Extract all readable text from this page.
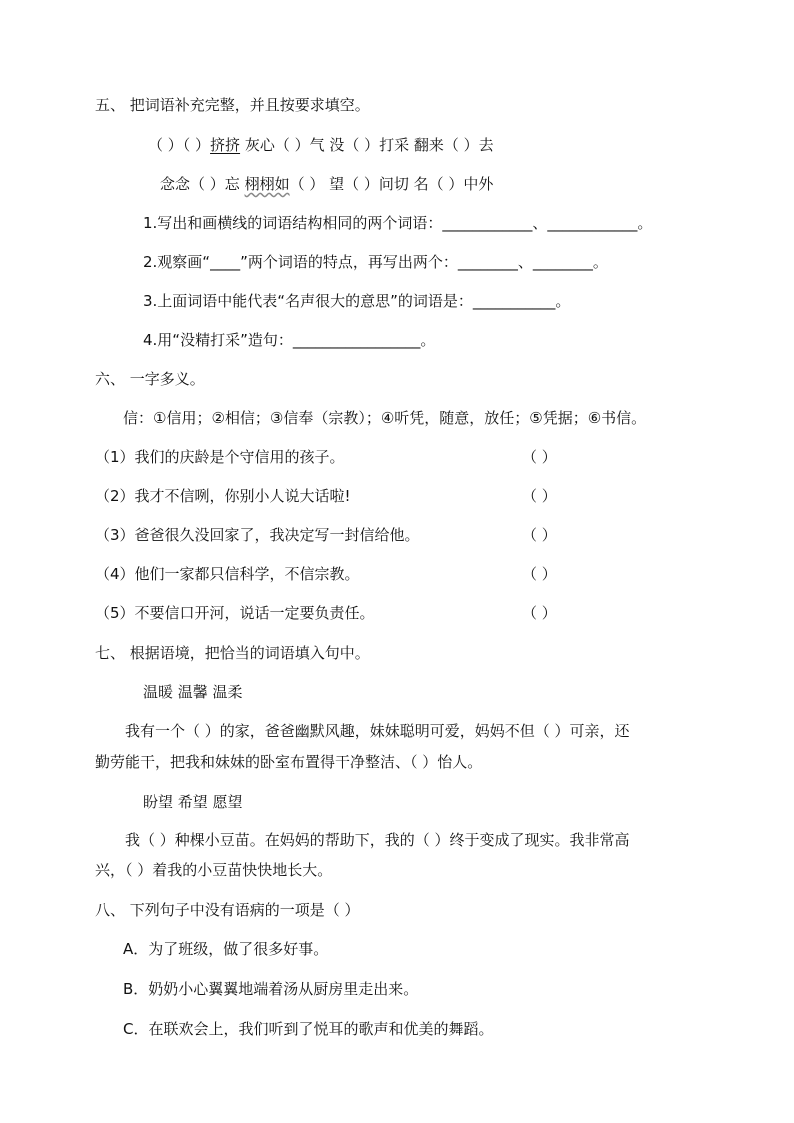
五、 把词语补充完整，并且按要求填空。
（ ）（ ）挤挤 灰心（ ）气 没（ ）打采 翻来（ ）去
念念（ ）忘 栩栩如（ ） 望（ ）问切 名（ ）中外
1.写出和画横线的词语结构相同的两个词语：____________、____________。
2.观察画“____”两个词语的特点，再写出两个：________、________。
3.上面词语中能代表“名声很大的意思”的词语是：___________。
4.用“没精打采”造句：_________________。
六、 一字多义。
信：①信用；②相信；③信奉（宗教）；④听凭，随意，放任；⑤凭据；⑥书信。
（1）我们的庆龄是个守信用的孩子。	（ ）
（2）我才不信咧，你别小人说大话啦!	（ ）
（3）爸爸很久没回家了，我决定写一封信给他。	（ ）
（4）他们一家都只信科学，不信宗教。	（ ）
（5）不要信口开河，说话一定要负责任。	（ ）
七、 根据语境，把恰当的词语填入句中。
温暖 温馨 温柔
我有一个（ ）的家，爸爸幽默风趣，妹妹聪明可爱，妈妈不但（ ）可亲，还
勤劳能干，把我和妹妹的卧室布置得干净整洁、（ ）怡人。
盼望 希望 愿望
我（ ）种棵小豆苗。在妈妈的帮助下，我的（ ）终于变成了现实。我非常高
兴，（ ）着我的小豆苗快快地长大。
八、 下列句子中没有语病的一项是（ ）
A．为了班级，做了很多好事。
B．奶奶小心翼翼地端着汤从厨房里走出来。
C．在联欢会上，我们听到了悦耳的歌声和优美的舞蹈。
